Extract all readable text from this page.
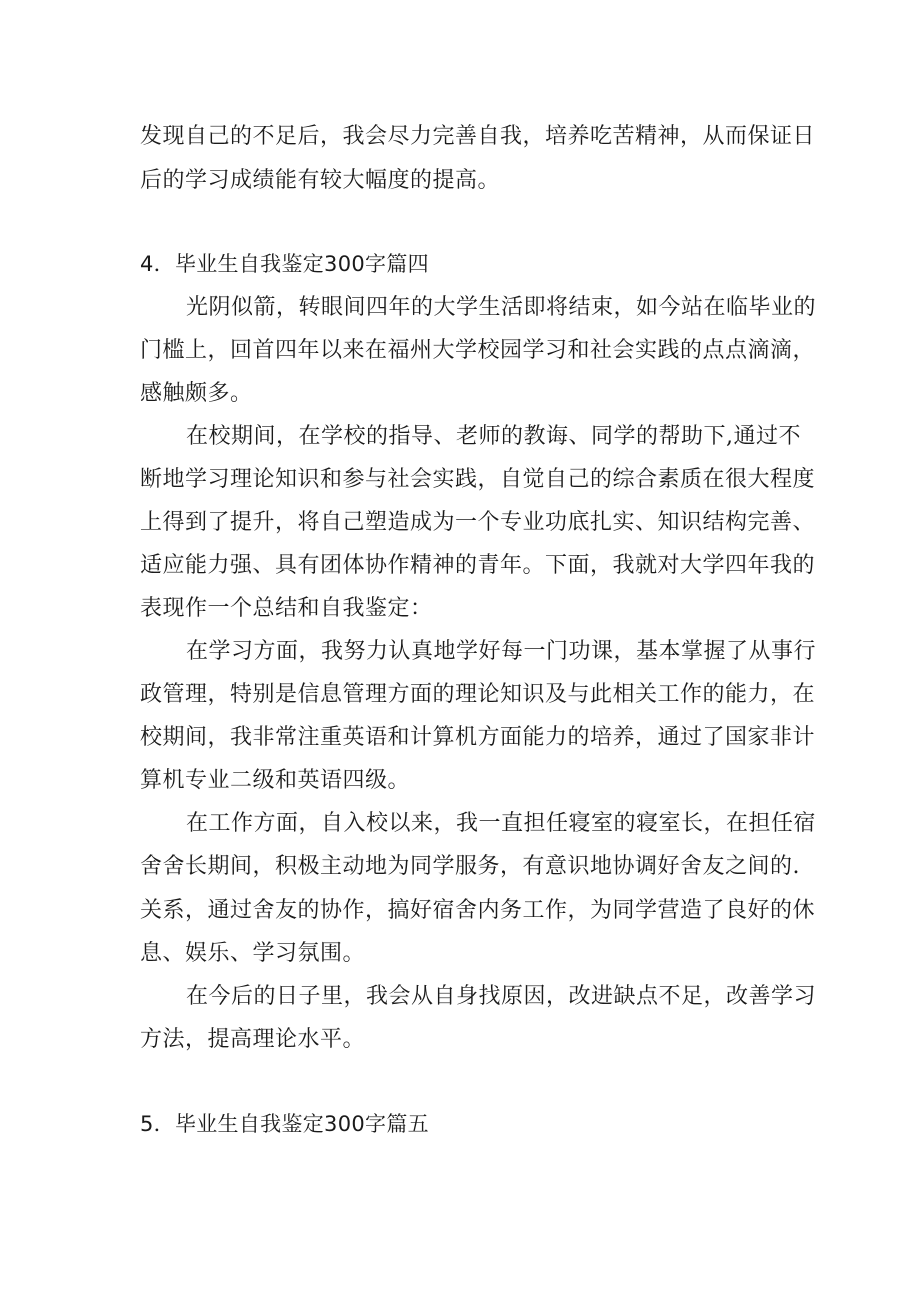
发现自己的不足后，我会尽力完善自我，培养吃苦精神，从而保证日
后的学习成绩能有较大幅度的提高。
4．毕业生自我鉴定300字篇四
光阴似箭，转眼间四年的大学生活即将结束，如今站在临毕业的
门槛上，回首四年以来在福州大学校园学习和社会实践的点点滴滴，
感触颇多。
在校期间，在学校的指导、老师的教诲、同学的帮助下,通过不
断地学习理论知识和参与社会实践，自觉自己的综合素质在很大程度
上得到了提升，将自己塑造成为一个专业功底扎实、知识结构完善、
适应能力强、具有团体协作精神的青年。下面，我就对大学四年我的
表现作一个总结和自我鉴定：
在学习方面，我努力认真地学好每一门功课，基本掌握了从事行
政管理，特别是信息管理方面的理论知识及与此相关工作的能力，在
校期间，我非常注重英语和计算机方面能力的培养，通过了国家非计
算机专业二级和英语四级。
在工作方面，自入校以来，我一直担任寝室的寝室长，在担任宿
舍舍长期间，积极主动地为同学服务，有意识地协调好舍友之间的.
关系，通过舍友的协作，搞好宿舍内务工作，为同学营造了良好的休
息、娱乐、学习氛围。
在今后的日子里，我会从自身找原因，改进缺点不足，改善学习
方法，提高理论水平。
5．毕业生自我鉴定300字篇五
